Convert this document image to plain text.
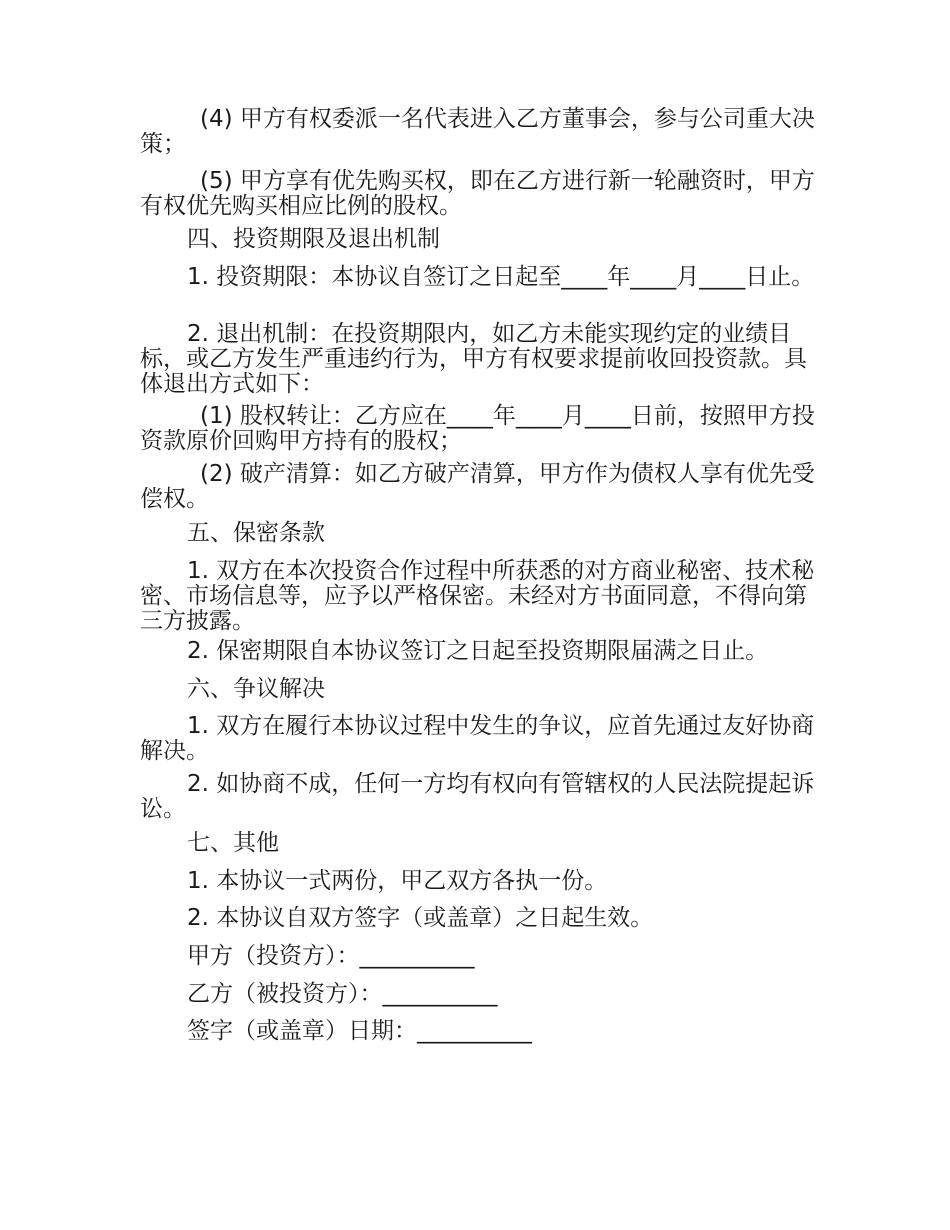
(4) 甲方有权委派一名代表进入乙方董事会，参与公司重大决策；

(5) 甲方享有优先购买权，即在乙方进行新一轮融资时，甲方有权优先购买相应比例的股权。

四、投资期限及退出机制

1. 投资期限：本协议自签订之日起至____年____月____日止。

2. 退出机制：在投资期限内，如乙方未能实现约定的业绩目标，或乙方发生严重违约行为，甲方有权要求提前收回投资款。具体退出方式如下：

(1) 股权转让：乙方应在____年____月____日前，按照甲方投资款原价回购甲方持有的股权；

(2) 破产清算：如乙方破产清算，甲方作为债权人享有优先受偿权。

五、保密条款

1. 双方在本次投资合作过程中所获悉的对方商业秘密、技术秘密、市场信息等，应予以严格保密。未经对方书面同意，不得向第三方披露。

2. 保密期限自本协议签订之日起至投资期限届满之日止。

六、争议解决

1. 双方在履行本协议过程中发生的争议，应首先通过友好协商解决。

2. 如协商不成，任何一方均有权向有管辖权的人民法院提起诉讼。

七、其他

1. 本协议一式两份，甲乙双方各执一份。

2. 本协议自双方签字（或盖章）之日起生效。

甲方（投资方）：__________

乙方（被投资方）：__________

签字（或盖章）日期：__________
